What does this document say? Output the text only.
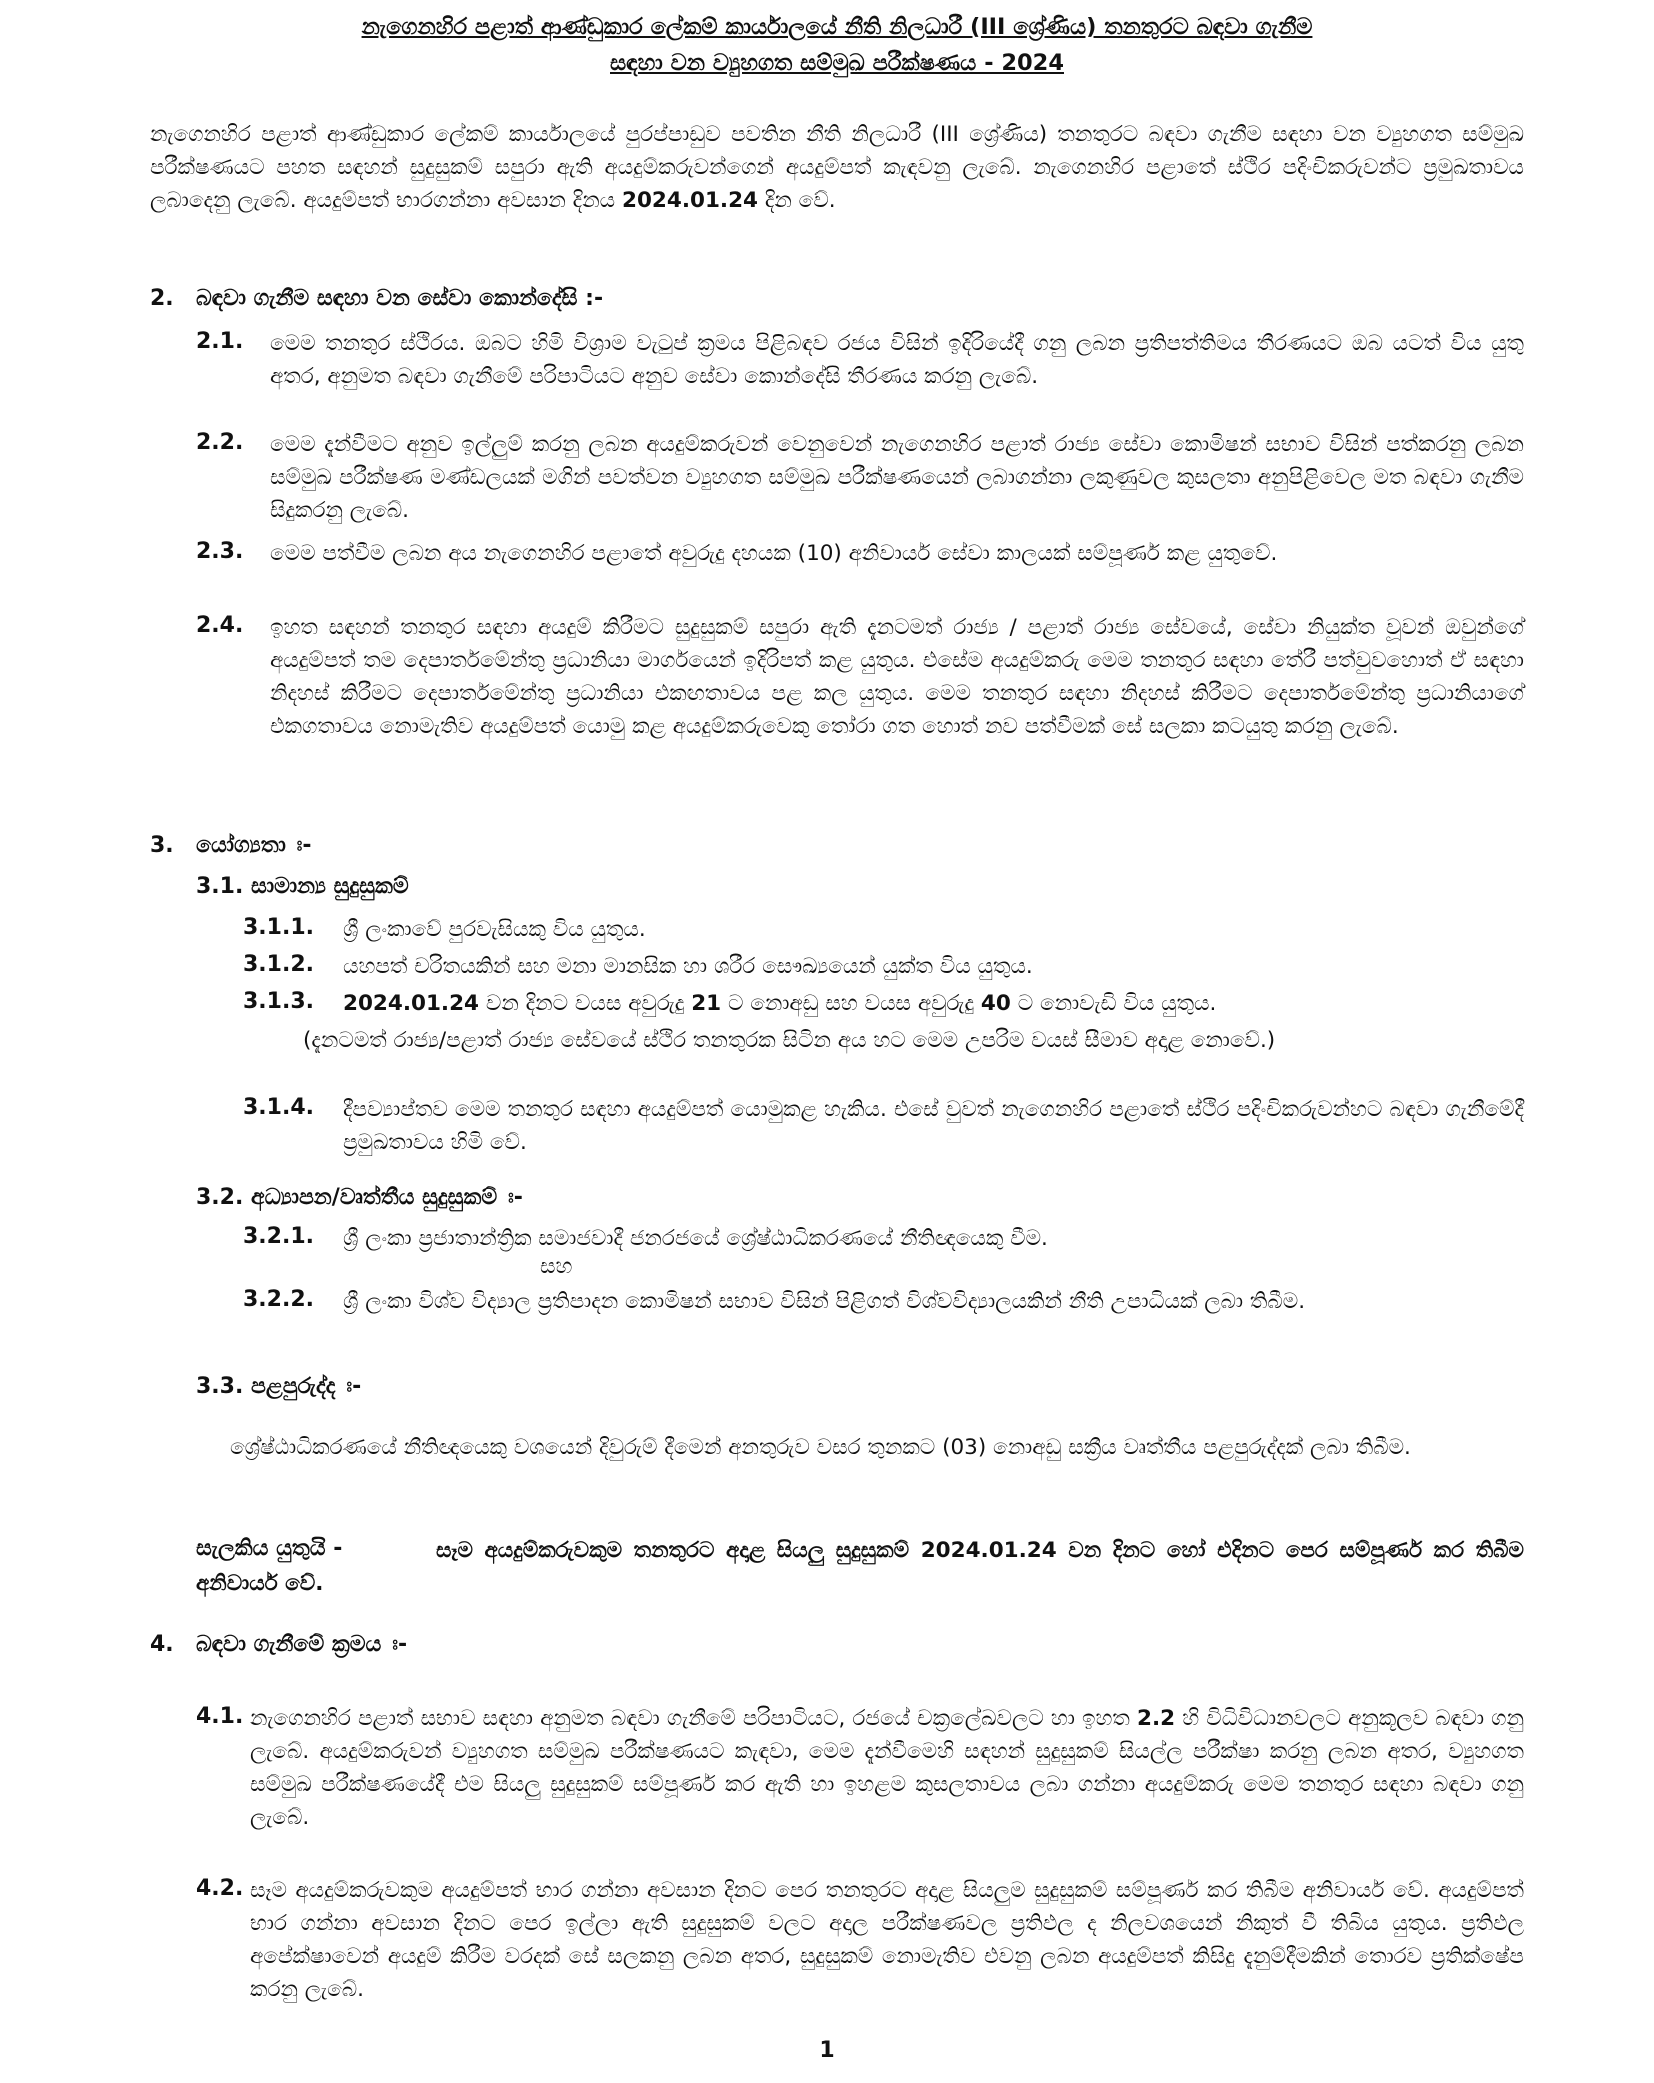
නැගෙනහිර පළාත් ආණ්ඩුකාර ලේකම් කාර්යාලයේ නීති නිලධාරී (III ශ්‍රේණිය) තනතුරට බඳවා ගැනීම
සඳහා වන ව්‍යුහගත සම්මුඛ පරීක්ෂණය - 2024
නැගෙනහිර පළාත් ආණ්ඩුකාර ලේකම් කාර්යාලයේ පුරප්පාඩුව පවතින නීති නිලධාරී (III ශ්‍රේණිය) තනතුරට බඳවා ගැනීම සඳහා වන ව්‍යුහගත සම්මුඛ පරීක්ෂණයට පහත සඳහන් සුදුසුකම් සපුරා ඇති අයදුම්කරුවන්ගෙන් අයදුම්පත් කැඳවනු ලැබේ. නැගෙනහිර පළාතේ ස්ථිර පදිංචිකරුවන්ට ප්‍රමුඛතාවය ලබාදෙනු ලැබේ. අයදුම්පත් භාරගන්නා අවසාන දිනය 2024.01.24 දින වේ.
2. බඳවා ගැනීම සඳහා වන සේවා කොන්දේසි :-
2.1. මෙම තනතුර ස්ථිරය. ඔබට හිමි විශ්‍රාම වැටුප් ක්‍රමය පිළිබඳව රජය විසින් ඉදිරියේදී ගනු ලබන ප්‍රතිපත්තිමය තීරණයට ඔබ යටත් විය යුතු අතර, අනුමත බඳවා ගැනීමේ පරිපාටියට අනුව සේවා කොන්දේසි තීරණය කරනු ලැබේ.
2.2. මෙම දැන්වීමට අනුව ඉල්ලුම් කරනු ලබන අයදුම්කරුවන් වෙනුවෙන් නැගෙනහිර පළාත් රාජ්‍ය සේවා කොමිෂන් සභාව විසින් පත්කරනු ලබන සම්මුඛ පරීක්ෂණ මණ්ඩලයක් මගින් පවත්වන ව්‍යුහගත සම්මුඛ පරීක්ෂණයෙන් ලබාගන්නා ලකුණුවල කුසලතා අනුපිළිවෙල මත බඳවා ගැනීම සිදුකරනු ලැබේ.
2.3. මෙම පත්වීම ලබන අය නැගෙනහිර පළාතේ අවුරුදු දහයක (10) අනිවාර්ය සේවා කාලයක් සම්පූර්ණ කළ යුතුවේ.
2.4. ඉහත සඳහන් තනතුර සඳහා අයදුම් කිරීමට සුදුසුකම් සපුරා ඇති දැනටමත් රාජ්‍ය / පළාත් රාජ්‍ය සේවයේ, සේවා නියුක්ත වූවන් ඔවුන්ගේ අයදුම්පත් තම දෙපාර්තමේන්තු ප්‍රධානියා මාර්ගයෙන් ඉදිරිපත් කළ යුතුය. එසේම අයදුම්කරු මෙම තනතුර සඳහා තේරී පත්වුවහොත් ඒ සඳහා නිදහස් කිරීමට දෙපාර්තමේන්තු ප්‍රධානියා එකඟතාවය පළ කල යුතුය. මෙම තනතුර සඳහා නිදහස් කිරීමට දෙපාර්තමේන්තු ප්‍රධානියාගේ එකගතාවය නොමැතිව අයදුම්පත් යොමු කළ අයදුම්කරුවෙකු තෝරා ගත හොත් නව පත්වීමක් සේ සලකා කටයුතු කරනු ලැබේ.
3. යෝග්‍යතා ඃ-
3.1. සාමාන්‍ය සුදුසුකම්
3.1.1. ශ්‍රී ලංකාවේ පුරවැසියකු විය යුතුය.
3.1.2. යහපත් චරිතයකින් සහ මනා මානසික හා ශරීර සෞඛ්‍යයෙන් යුක්ත විය යුතුය.
3.1.3. 2024.01.24 වන දිනට වයස අවුරුදු 21 ට නොඅඩු සහ වයස අවුරුදු 40 ට නොවැඩි විය යුතුය.
(දැනටමත් රාජ්‍ය/පළාත් රාජ්‍ය සේවයේ ස්ථිර තනතුරක සිටින අය හට මෙම උපරිම වයස් සීමාව අදාළ නොවේ.)
3.1.4. දීපව්‍යාප්තව මෙම තනතුර සඳහා අයදුම්පත් යොමුකළ හැකිය. එසේ වුවත් නැගෙනහිර පළාතේ ස්ථිර පදිංචිකරුවන්හට බඳවා ගැනීමේදී ප්‍රමුඛතාවය හිමි වේ.
3.2. අධ්‍යාපන/වෘත්තීය සුදුසුකම් ඃ-
3.2.1. ශ්‍රී ලංකා ප්‍රජාතාන්ත්‍රික සමාජවාදී ජනරජයේ ශ්‍රේෂ්ඨාධිකරණයේ නීතිඥයෙකු වීම.
සහ
3.2.2. ශ්‍රී ලංකා විශ්ව විද්‍යාල ප්‍රතිපාදන කොමිෂන් සභාව විසින් පිළිගත් විශ්වවිද්‍යාලයකින් නීති උපාධියක් ලබා තිබීම.
3.3. පළපුරුද්ද ඃ-
ශ්‍රේෂ්ඨාධිකරණයේ නීතිඥයෙකු වශයෙන් දිවුරුම් දීමෙන් අනතුරුව වසර තුනකට (03) නොඅඩු සක්‍රීය වෘත්තීය පළපුරුද්දක් ලබා තිබීම.
සැලකිය යුතුයි -	සෑම අයදුම්කරුවකුම තනතුරට අදාළ සියලු සුදුසුකම් 2024.01.24 වන දිනට හෝ එදිනට පෙර සම්පූර්ණ කර තිබීම අනිවාර්ය වේ.
4. බඳවා ගැනීමේ ක්‍රමය ඃ-
4.1. නැගෙනහිර පළාත් සභාව සඳහා අනුමත බඳවා ගැනීමේ පරිපාටියට, රජයේ චක්‍රලේඛවලට හා ඉහත 2.2 හි විධිවිධානවලට අනුකූලව බඳවා ගනු ලැබේ. අයදුම්කරුවන් ව්‍යුහගත සම්මුඛ පරීක්ෂණයට කැඳවා, මෙම දැන්වීමෙහි සඳහන් සුදුසුකම් සියල්ල පරීක්ෂා කරනු ලබන අතර, ව්‍යුහගත සම්මුඛ පරීක්ෂණයේදී එම සියලු සුදුසුකම් සම්පූර්ණ කර ඇති හා ඉහළම කුසලතාවය ලබා ගන්නා අයදුම්කරු මෙම තනතුර සඳහා බඳවා ගනු ලැබේ.
4.2. සෑම අයදුම්කරුවකුම අයදුම්පත් භාර ගන්නා අවසාන දිනට පෙර තනතුරට අදාළ සියලුම සුදුසුකම් සම්පූර්ණ කර තිබීම අනිවාර්ය වේ. අයදුම්පත් භාර ගන්නා අවසාන දිනට පෙර ඉල්ලා ඇති සුදුසුකම් වලට අදාල පරීක්ෂණවල ප්‍රතිඵල ද නිලවශයෙන් නිකුත් වී තිබිය යුතුය. ප්‍රතිඵල අපේක්ෂාවෙන් අයදුම් කිරීම වරදක් සේ සලකනු ලබන අතර, සුදුසුකම් නොමැතිව එවනු ලබන අයදුම්පත් කිසිදු දැනුම්දීමකින් තොරව ප්‍රතික්ෂේප කරනු ලැබේ.
1
